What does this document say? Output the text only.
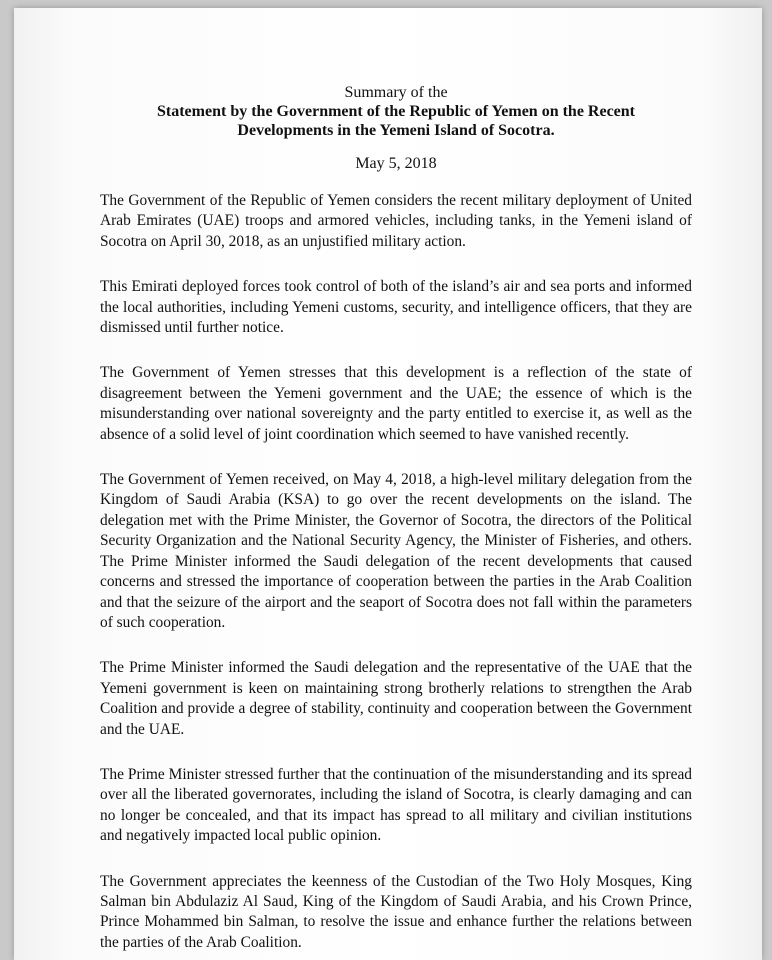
Summary of the
Statement by the Government of the Republic of Yemen on the Recent
Developments in the Yemeni Island of Socotra.
May 5, 2018

The Government of the Republic of Yemen considers the recent military deployment of United Arab Emirates (UAE) troops and armored vehicles, including tanks, in the Yemeni island of Socotra on April 30, 2018, as an unjustified military action.

This Emirati deployed forces took control of both of the island’s air and sea ports and informed the local authorities, including Yemeni customs, security, and intelligence officers, that they are dismissed until further notice.

The Government of Yemen stresses that this development is a reflection of the state of disagreement between the Yemeni government and the UAE; the essence of which is the misunderstanding over national sovereignty and the party entitled to exercise it, as well as the absence of a solid level of joint coordination which seemed to have vanished recently.

The Government of Yemen received, on May 4, 2018, a high-level military delegation from the Kingdom of Saudi Arabia (KSA) to go over the recent developments on the island. The delegation met with the Prime Minister, the Governor of Socotra, the directors of the Political Security Organization and the National Security Agency, the Minister of Fisheries, and others. The Prime Minister informed the Saudi delegation of the recent developments that caused concerns and stressed the importance of cooperation between the parties in the Arab Coalition and that the seizure of the airport and the seaport of Socotra does not fall within the parameters of such cooperation.

The Prime Minister informed the Saudi delegation and the representative of the UAE that the Yemeni government is keen on maintaining strong brotherly relations to strengthen the Arab Coalition and provide a degree of stability, continuity and cooperation between the Government and the UAE.

The Prime Minister stressed further that the continuation of the misunderstanding and its spread over all the liberated governorates, including the island of Socotra, is clearly damaging and can no longer be concealed, and that its impact has spread to all military and civilian institutions and negatively impacted local public opinion.

The Government appreciates the keenness of the Custodian of the Two Holy Mosques, King Salman bin Abdulaziz Al Saud, King of the Kingdom of Saudi Arabia, and his Crown Prince, Prince Mohammed bin Salman, to resolve the issue and enhance further the relations between the parties of the Arab Coalition.
